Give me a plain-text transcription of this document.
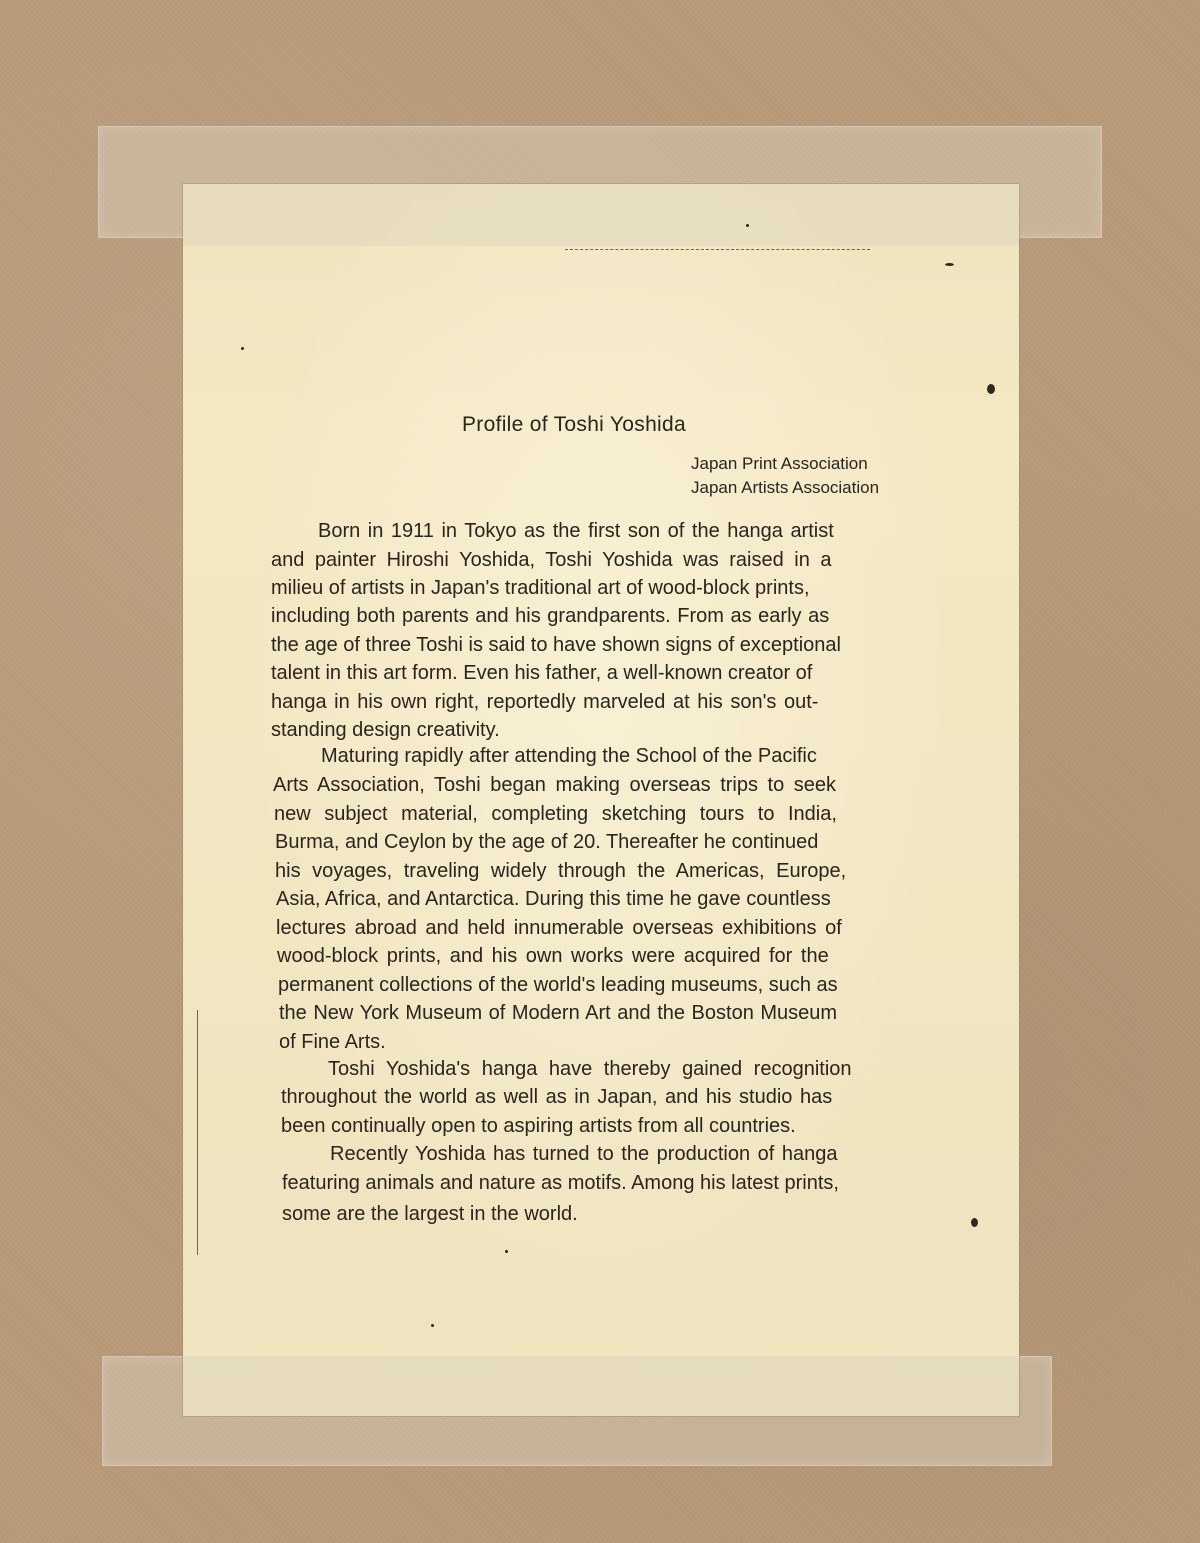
Profile of Toshi Yoshida
Japan Print Association
Japan Artists Association
Born in 1911 in Tokyo as the first son of the hanga artist
and painter Hiroshi Yoshida, Toshi Yoshida was raised in a
milieu of artists in Japan's traditional art of wood-block prints,
including both parents and his grandparents. From as early as
the age of three Toshi is said to have shown signs of exceptional
talent in this art form. Even his father, a well-known creator of
hanga in his own right, reportedly marveled at his son's out-
standing design creativity.
Maturing rapidly after attending the School of the Pacific
Arts Association, Toshi began making overseas trips to seek
new subject material, completing sketching tours to India,
Burma, and Ceylon by the age of 20. Thereafter he continued
his voyages, traveling widely through the Americas, Europe,
Asia, Africa, and Antarctica. During this time he gave countless
lectures abroad and held innumerable overseas exhibitions of
wood-block prints, and his own works were acquired for the
permanent collections of the world's leading museums, such as
the New York Museum of Modern Art and the Boston Museum
of Fine Arts.
Toshi Yoshida's hanga have thereby gained recognition
throughout the world as well as in Japan, and his studio has
been continually open to aspiring artists from all countries.
Recently Yoshida has turned to the production of hanga
featuring animals and nature as motifs. Among his latest prints,
some are the largest in the world.
